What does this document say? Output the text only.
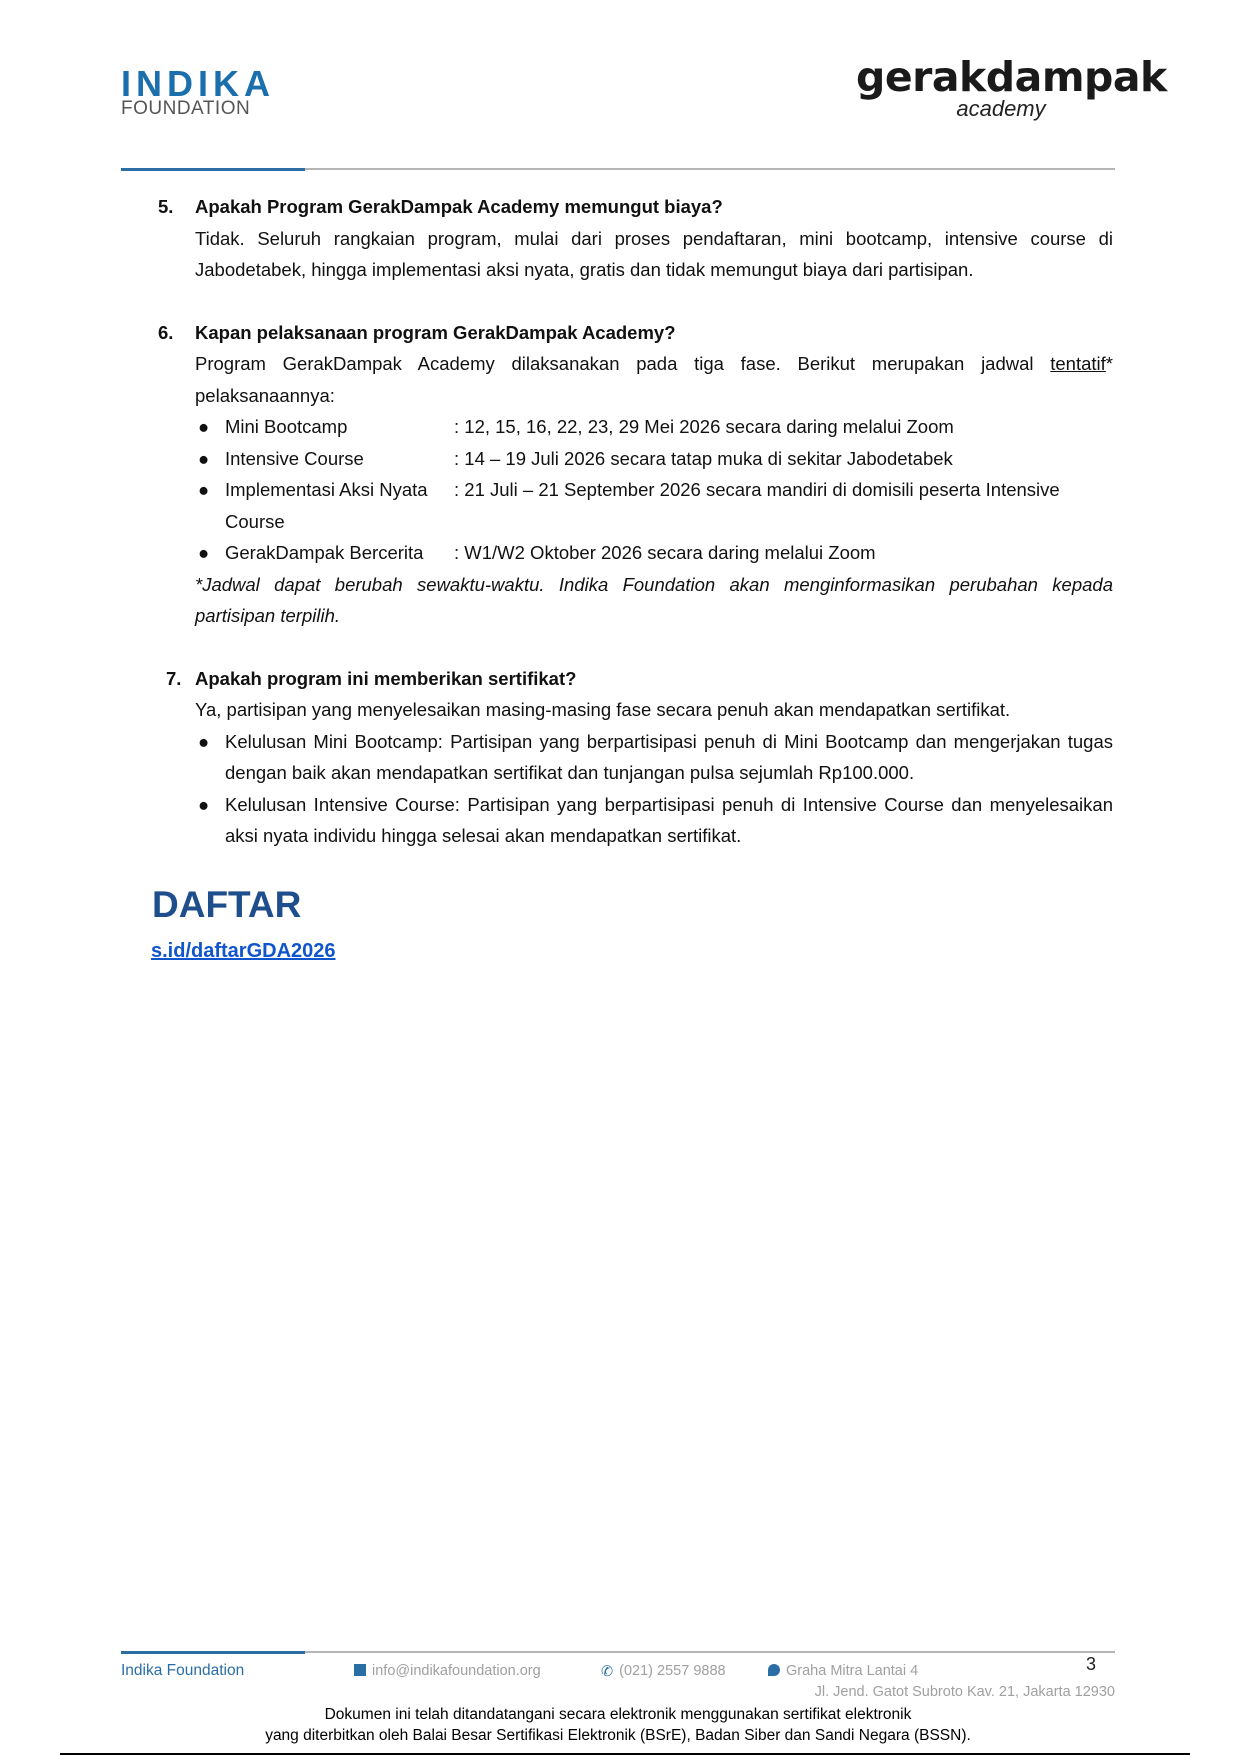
INDIKA
FOUNDATION
gerakdampak
academy
5. Apakah Program GerakDampak Academy memungut biaya?
Tidak. Seluruh rangkaian program, mulai dari proses pendaftaran, mini bootcamp, intensive course di Jabodetabek, hingga implementasi aksi nyata, gratis dan tidak memungut biaya dari partisipan.
6. Kapan pelaksanaan program GerakDampak Academy?
Program GerakDampak Academy dilaksanakan pada tiga fase. Berikut merupakan jadwal tentatif* pelaksanaannya:
● Mini Bootcamp	: 12, 15, 16, 22, 23, 29 Mei 2026 secara daring melalui Zoom
● Intensive Course	: 14 – 19 Juli 2026 secara tatap muka di sekitar Jabodetabek
● Implementasi Aksi Nyata : 21 Juli – 21 September 2026 secara mandiri di domisili peserta Intensive Course
● GerakDampak Bercerita : W1/W2 Oktober 2026 secara daring melalui Zoom
*Jadwal dapat berubah sewaktu-waktu. Indika Foundation akan menginformasikan perubahan kepada partisipan terpilih.
7. Apakah program ini memberikan sertifikat?
Ya, partisipan yang menyelesaikan masing-masing fase secara penuh akan mendapatkan sertifikat.
● Kelulusan Mini Bootcamp: Partisipan yang berpartisipasi penuh di Mini Bootcamp dan mengerjakan tugas dengan baik akan mendapatkan sertifikat dan tunjangan pulsa sejumlah Rp100.000.
● Kelulusan Intensive Course: Partisipan yang berpartisipasi penuh di Intensive Course dan menyelesaikan aksi nyata individu hingga selesai akan mendapatkan sertifikat.
DAFTAR
s.id/daftarGDA2026
3
Indika Foundation	info@indikafoundation.org	✆ (021) 2557 9888	Graha Mitra Lantai 4
Jl. Jend. Gatot Subroto Kav. 21, Jakarta 12930
Dokumen ini telah ditandatangani secara elektronik menggunakan sertifikat elektronik
yang diterbitkan oleh Balai Besar Sertifikasi Elektronik (BSrE), Badan Siber dan Sandi Negara (BSSN).
